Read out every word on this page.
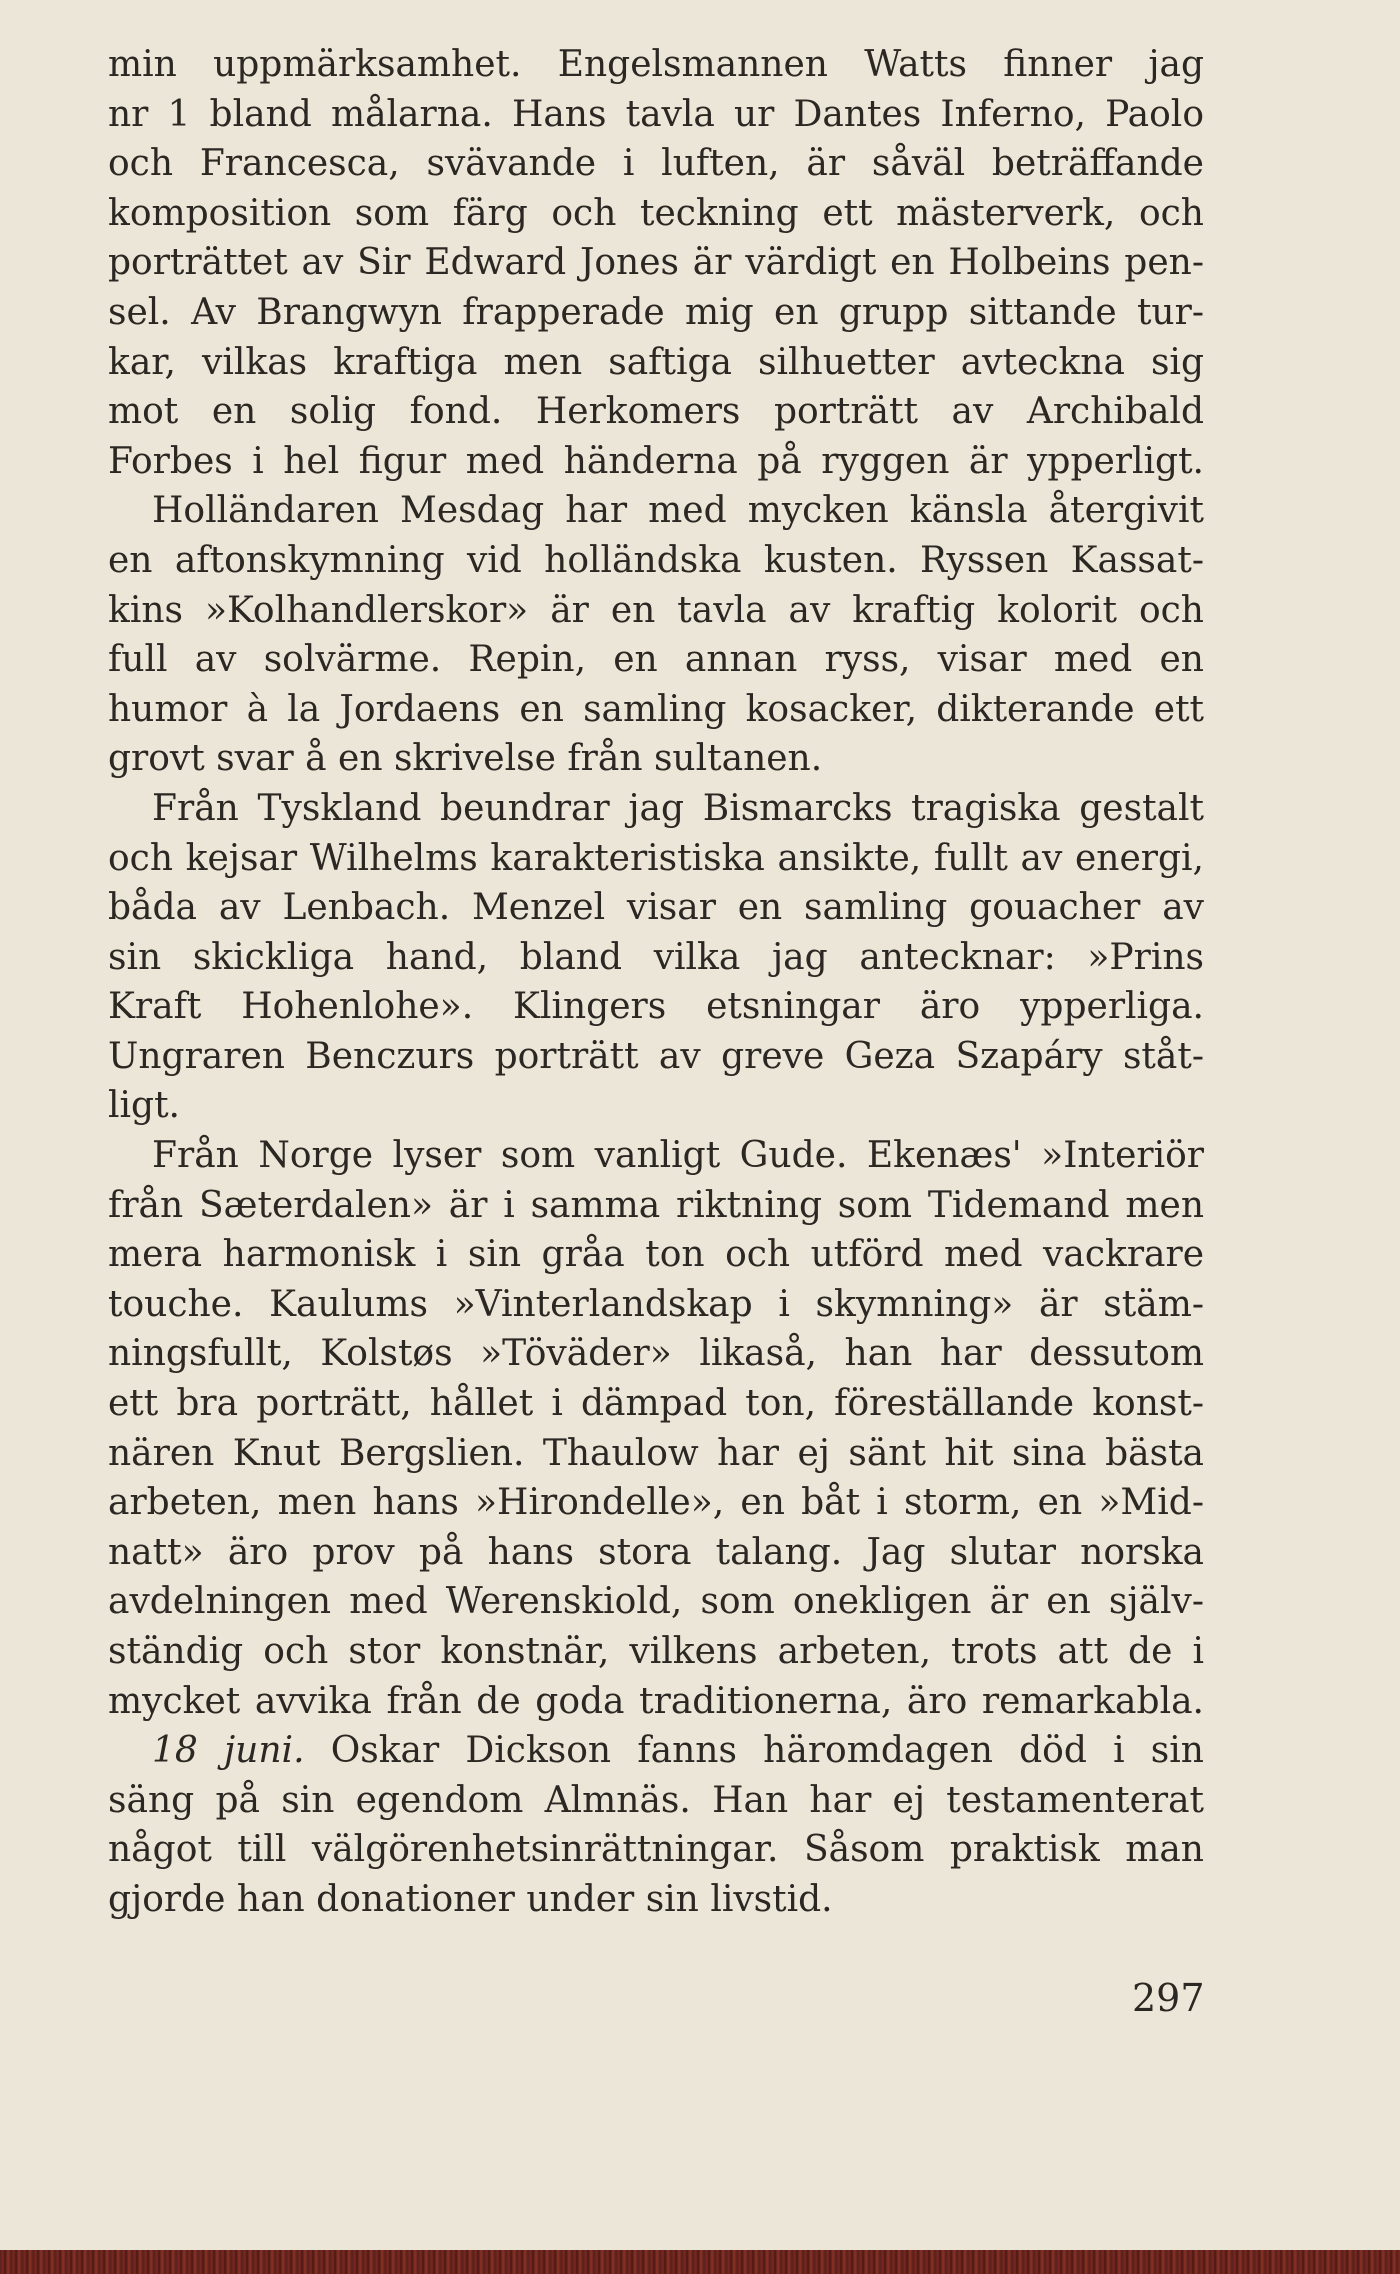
min uppmärksamhet. Engelsmannen Watts finner jag
nr 1 bland målarna. Hans tavla ur Dantes Inferno, Paolo
och Francesca, svävande i luften, är såväl beträffande
komposition som färg och teckning ett mästerverk, och
porträttet av Sir Edward Jones är värdigt en Holbeins pen-
sel. Av Brangwyn frapperade mig en grupp sittande tur-
kar, vilkas kraftiga men saftiga silhuetter avteckna sig
mot en solig fond. Herkomers porträtt av Archibald
Forbes i hel figur med händerna på ryggen är ypperligt.
Holländaren Mesdag har med mycken känsla återgivit
en aftonskymning vid holländska kusten. Ryssen Kassat-
kins »Kolhandlerskor» är en tavla av kraftig kolorit och
full av solvärme. Repin, en annan ryss, visar med en
humor à la Jordaens en samling kosacker, dikterande ett
grovt svar å en skrivelse från sultanen.
Från Tyskland beundrar jag Bismarcks tragiska gestalt
och kejsar Wilhelms karakteristiska ansikte, fullt av energi,
båda av Lenbach. Menzel visar en samling gouacher av
sin skickliga hand, bland vilka jag antecknar: »Prins
Kraft Hohenlohe». Klingers etsningar äro ypperliga.
Ungraren Benczurs porträtt av greve Geza Szapáry ståt-
ligt.
Från Norge lyser som vanligt Gude. Ekenæs' »Interiör
från Sæterdalen» är i samma riktning som Tidemand men
mera harmonisk i sin gråa ton och utförd med vackrare
touche. Kaulums »Vinterlandskap i skymning» är stäm-
ningsfullt, Kolstøs »Töväder» likaså, han har dessutom
ett bra porträtt, hållet i dämpad ton, föreställande konst-
nären Knut Bergslien. Thaulow har ej sänt hit sina bästa
arbeten, men hans »Hirondelle», en båt i storm, en »Mid-
natt» äro prov på hans stora talang. Jag slutar norska
avdelningen med Werenskiold, som onekligen är en själv-
ständig och stor konstnär, vilkens arbeten, trots att de i
mycket avvika från de goda traditionerna, äro remarkabla.
18 juni. Oskar Dickson fanns häromdagen död i sin
säng på sin egendom Almnäs. Han har ej testamenterat
något till välgörenhetsinrättningar. Såsom praktisk man
gjorde han donationer under sin livstid.
297
